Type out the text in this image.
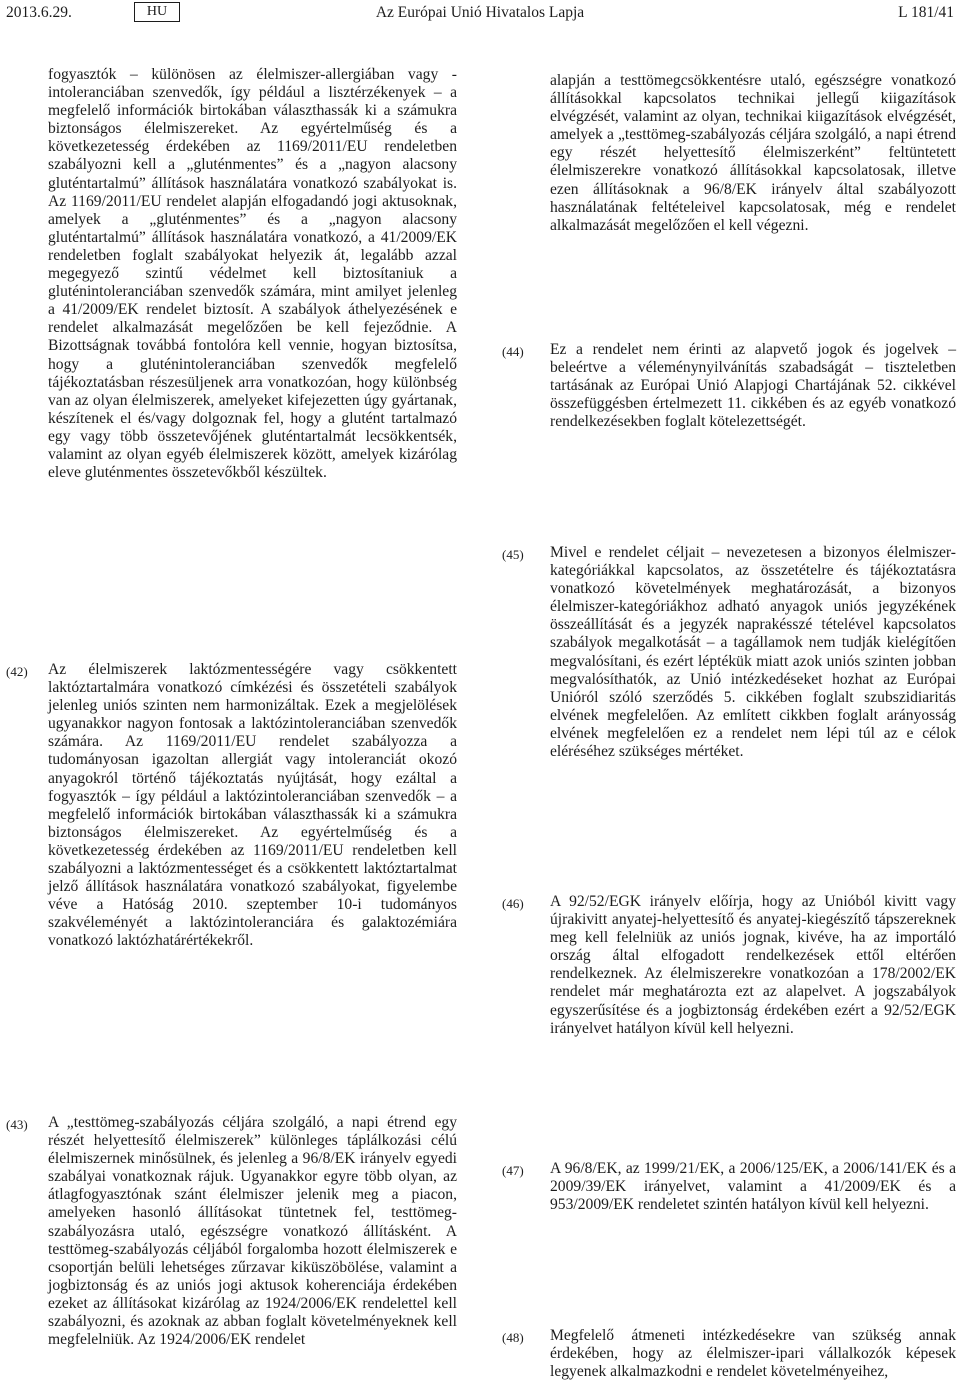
2013.6.29.	HU	Az Európai Unió Hivatalos Lapja	L 181/41

fogyasztók – különösen az élelmiszer-allergiában vagy -intoleranciában szenvedők, így például a lisztérzékenyek – a megfelelő információk birtokában választhassák ki a számukra biztonságos élelmiszereket. Az egyértelműség és a következetesség érdekében az 1169/2011/EU rendeletben szabályozni kell a „gluténmentes” és a „nagyon alacsony gluténtartalmú” állítások használatára vonatkozó szabályokat is. Az 1169/2011/EU rendelet alapján elfogadandó jogi aktusoknak, amelyek a „gluténmentes” és a „nagyon alacsony gluténtartalmú” állítások használatára vonatkozó, a 41/2009/EK rendeletben foglalt szabályokat helyezik át, legalább azzal megegyező szintű védelmet kell biztosítaniuk a gluténintoleranciában szenvedők számára, mint amilyet jelenleg a 41/2009/EK rendelet biztosít. A szabályok áthelyezésének e rendelet alkalmazását megelőzően be kell fejeződnie. A Bizottságnak továbbá fontolóra kell vennie, hogyan biztosítsa, hogy a gluténintoleranciában szenvedők megfelelő tájékoztatásban részesüljenek arra vonatkozóan, hogy különbség van az olyan élelmiszerek, amelyeket kifejezetten úgy gyártanak, készítenek el és/vagy dolgoznak fel, hogy a glutént tartalmazó egy vagy több összetevőjének gluténtartalmát lecsökkentsék, valamint az olyan egyéb élelmiszerek között, amelyek kizárólag eleve gluténmentes összetevőkből készültek.

(42) Az élelmiszerek laktózmentességére vagy csökkentett laktóztartalmára vonatkozó címkézési és összetételi szabályok jelenleg uniós szinten nem harmonizáltak. Ezek a megjelölések ugyanakkor nagyon fontosak a laktózintoleranciában szenvedők számára. Az 1169/2011/EU rendelet szabályozza a tudományosan igazoltan allergiát vagy intoleranciát okozó anyagokról történő tájékoztatás nyújtását, hogy ezáltal a fogyasztók – így például a laktózintoleranciában szenvedők – a megfelelő információk birtokában választhassák ki a számukra biztonságos élelmiszereket. Az egyértelműség és a következetesség érdekében az 1169/2011/EU rendeletben kell szabályozni a laktózmentességet és a csökkentett laktóztartalmat jelző állítások használatára vonatkozó szabályokat, figyelembe véve a Hatóság 2010. szeptember 10-i tudományos szakvéleményét a laktózintoleranciára és galaktozémiára vonatkozó laktózhatárértékekről.

(43) A „testtömeg-szabályozás céljára szolgáló, a napi étrend egy részét helyettesítő élelmiszerek” különleges táplálkozási célú élelmiszernek minősülnek, és jelenleg a 96/8/EK irányelv egyedi szabályai vonatkoznak rájuk. Ugyanakkor egyre több olyan, az átlagfogyasztónak szánt élelmiszer jelenik meg a piacon, amelyeken hasonló állításokat tüntetnek fel, testtömeg-szabályozásra utaló, egészségre vonatkozó állításként. A testtömeg-szabályozás céljából forgalomba hozott élelmiszerek e csoportján belüli lehetséges zűrzavar kiküszöbölése, valamint a jogbiztonság és az uniós jogi aktusok koherenciája érdekében ezeket az állításokat kizárólag az 1924/2006/EK rendelettel kell szabályozni, és azoknak az abban foglalt követelményeknek kell megfelelniük. Az 1924/2006/EK rendelet

alapján a testtömegcsökkentésre utaló, egészségre vonatkozó állításokkal kapcsolatos technikai jellegű kiigazítások elvégzését, valamint az olyan, technikai kiigazítások elvégzését, amelyek a „testtömeg-szabályozás céljára szolgáló, a napi étrend egy részét helyettesítő élelmiszerként” feltüntetett élelmiszerekre vonatkozó állításokkal kapcsolatosak, illetve ezen állításoknak a 96/8/EK irányelv által szabályozott használatának feltételeivel kapcsolatosak, még e rendelet alkalmazását megelőzően el kell végezni.

(44) Ez a rendelet nem érinti az alapvető jogok és jogelvek – beleértve a véleménynyilvánítás szabadságát – tiszteletben tartásának az Európai Unió Alapjogi Chartájának 52. cikkével összefüggésben értelmezett 11. cikkében és az egyéb vonatkozó rendelkezésekben foglalt kötelezettségét.

(45) Mivel e rendelet céljait – nevezetesen a bizonyos élelmiszer-kategóriákkal kapcsolatos, az összetételre és tájékoztatásra vonatkozó követelmények meghatározását, a bizonyos élelmiszer-kategóriákhoz adható anyagok uniós jegyzékének összeállítását és a jegyzék naprakésszé tételével kapcsolatos szabályok megalkotását – a tagállamok nem tudják kielégítően megvalósítani, és ezért léptékük miatt azok uniós szinten jobban megvalósíthatók, az Unió intézkedéseket hozhat az Európai Unióról szóló szerződés 5. cikkében foglalt szubszidiaritás elvének megfelelően. Az említett cikkben foglalt arányosság elvének megfelelően ez a rendelet nem lépi túl az e célok eléréséhez szükséges mértéket.

(46) A 92/52/EGK irányelv előírja, hogy az Unióból kivitt vagy újrakivitt anyatej-helyettesítő és anyatej-kiegészítő tápszereknek meg kell felelniük az uniós jognak, kivéve, ha az importáló ország által elfogadott rendelkezések ettől eltérően rendelkeznek. Az élelmiszerekre vonatkozóan a 178/2002/EK rendelet már meghatározta ezt az alapelvet. A jogszabályok egyszerűsítése és a jogbiztonság érdekében ezért a 92/52/EGK irányelvet hatályon kívül kell helyezni.

(47) A 96/8/EK, az 1999/21/EK, a 2006/125/EK, a 2006/141/EK és a 2009/39/EK irányelvet, valamint a 41/2009/EK és a 953/2009/EK rendeletet szintén hatályon kívül kell helyezni.

(48) Megfelelő átmeneti intézkedésekre van szükség annak érdekében, hogy az élelmiszer-ipari vállalkozók képesek legyenek alkalmazkodni e rendelet követelményeihez,
